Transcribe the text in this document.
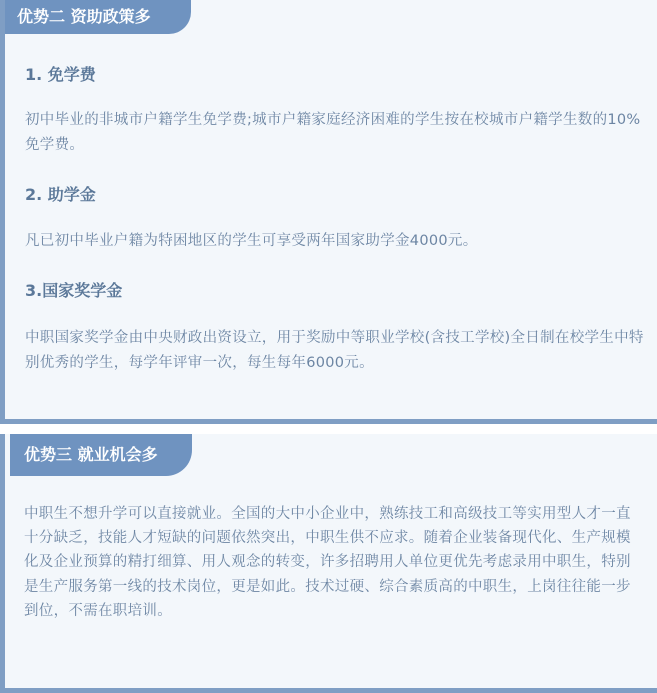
优势二 资助政策多
1. 免学费

初中毕业的非城市户籍学生免学费;城市户籍家庭经济困难的学生按在校城市户籍学生数的10%免学费。

2. 助学金

凡已初中毕业户籍为特困地区的学生可享受两年国家助学金4000元。

3.国家奖学金

中职国家奖学金由中央财政出资设立，用于奖励中等职业学校(含技工学校)全日制在校学生中特别优秀的学生，每学年评审一次，每生每年6000元。

优势三 就业机会多

中职生不想升学可以直接就业。全国的大中小企业中，熟练技工和高级技工等实用型人才一直十分缺乏，技能人才短缺的问题依然突出，中职生供不应求。随着企业装备现代化、生产规模化及企业预算的精打细算、用人观念的转变，许多招聘用人单位更优先考虑录用中职生，特别是生产服务第一线的技术岗位，更是如此。技术过硬、综合素质高的中职生，上岗往往能一步到位，不需在职培训。
